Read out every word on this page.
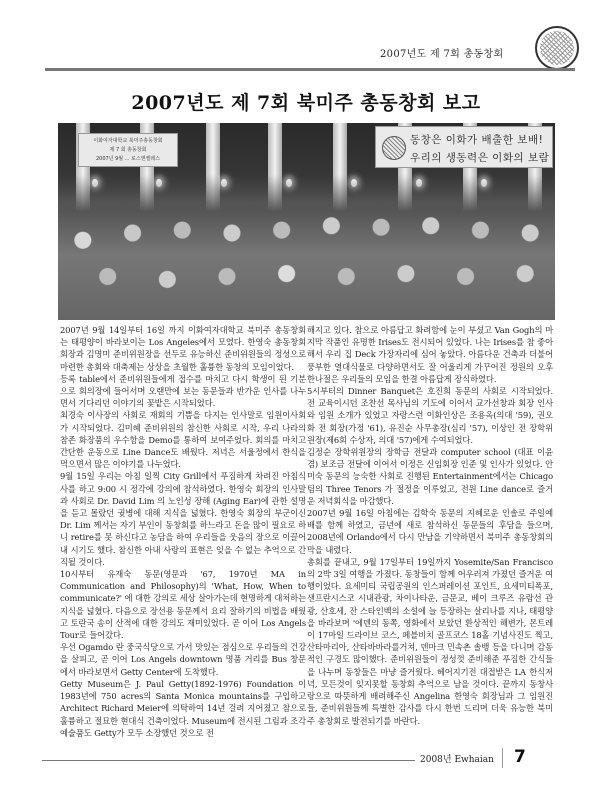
2007년도 제 7회 총동창회
2007년도 제 7회 북미주 총동창회 보고
이화여자대학교 북미주총동창회
제 7 회 총동창회
2007년 9월 ... 로스앤젤레스
동창은 이화가 배출한 보배!
우리의 생동력은 이화의 보람

2007년 9월 14일부터 16일 까지 이화여자대학교 북미주 총동창회는 태평양이 바라보이는 Los Angeles에서 모였다. 한영숙 총동창회 회장과 김명미 준비위원장을 선두로 유능하신 준비위원들의 정성으로 마련한 총회와 대축제는 상상을 초월한 훌륭한 동창의 모임이었다.

등록 table에서 준비위원들에게 접수를 마치고 다시 학생이 된 기분으로 회의장에 들어서며 오랜만에 보는 동문들과 반가운 인사를 나누면서 기다리던 이야기의 꽃밭은 시작되었다.

최경숙 이사장의 사회로 재회의 기쁨을 다지는 인사말로 임원이사회가 시작되었다. 김미혜 준비위원의 참신한 사회로 시작, 우리 나라의 참존 화장품의 우수함을 Demo를 통하여 보여주었다. 회의를 마치고 간단한 운동으로 Line Dance도 배웠다. 저녁은 서울정에서 한식을 먹으면서 많은 이야기를 나누었다.

9월 15일 우리는 아침 일찍 City Grill에서 푸짐하게 차려진 아침식사를 하고 9:00 시 정각에 강의에 참석하였다. 한영숙 회장의 인사말과 사회로 Dr. David Lim 의 노인성 장해 (Aging Ear)에 관한 설명을 듣고 몰랐던 귓병에 대해 지식을 넓혔다. 한영숙 회장의 부군이신 Dr. Lim 께서는 자기 부인이 동창회를 하느라고 돈을 많이 필요로 하니 retire를 못 하신다고 농담을 하여 우리들을 웃음의 장으로 이끌어내 시기도 했다. 참신한 아내 사랑의 표현은 잊을 수 없는 추억으로 간직될 것이다.

10시부터 유재숙 동문(영문과 '67, 1970년 MA in Communication and Philosophy)의 'What, How, When to communicate?' 에 대한 강의로 세상 살아가는데 현명하게 대처하는 지식을 넓혔다. 다음으로 장선용 동문께서 요리 잘하기의 비법을 배웠고 토란국 송이 산적에 대한 강의도 재미있었다. 곧 이어 Los Angels Tour로 들어갔다.

우선 Ogamdo 란 중국식당으로 가서 맛있는 점심으로 우리들의 건강을 살피고, 곧 이어 Los Angels downtown 명품 거리를 Bus 창문에서 바라보면서 Getty Center에 도착했다.

Getty Museum은 J. Paul Getty(1892-1976) Foundation 이 1983년에 750 acres의 Santa Monica mountains를 구입하고 Architect Richard Meier에 의탁하여 14년 걸려 지어졌고 참으로 훌륭하고 절묘한 현대식 건축이었다. Museum에 전시된 그림과 조각 예술품도 Getty가 모두 소장했던 것으로 전

해지고 있다. 참으로 아름답고 화려함에 눈이 부셨고 Van Gogh의 마지막 작품인 유명한 Irises도 전시되어 있었다. 나는 Irises를 참 좋아해서 우리 집 Deck 가장자리에 심어 놓았다. 아름다운 건축과 더불어 풍부한 열대식물로 다양하면서도 잘 어울리게 가꾸어진 정원의 오후 한나절은 우리들의 모임을 한결 아름답게 장식하였다.

5시부터의 Dinner Banquet은 호진희 동문의 사회로 시작되었다. 전 교육이시던 조찬선 목사님의 기도에 이어서 교가선창과 회장 인사와 임원 소개가 있었고 자랑스런 이화인상은 조용옥(의대 '59), 권오화 전 회장(가정 '61), 유진순 사무총장(심리 '57), 이상인 전 장학위원장(제6회 수상자, 의대 '57)에게 수여되었다.

김정순 장학위원장의 장학금 전달과 computer school (대표 이윤겸) 보조금 전달에 이어서 이정은 신임회장 인준 및 인사가 있었다. 안미숙 동문의 능숙한 사회로 진행된 Entertainment에서는 Chicago 팀의 Three Tenors 가 절정을 이루었고, 전원 Line dance로 즐거운 저녁회식을 마감했다.

2007년 9월 16일 아침에는 김학숙 동문의 지혜로운 인솔로 주일예배를 함께 하였고, 금년에 새로 참석하신 동문들의 후담을 들으며, 2008년에 Orlando에서 다시 만남을 기약하면서 북미주 총동창회의 막을 내렸다.

총회를 끝내고, 9월 17일부터 19일까지 Yosemite/San Francisco의 2박 3일 여행을 가졌다. 동창들이 함께 어우러져 가졌던 즐거운 여행이었다. 요세미티 국립공원의 인스퍼레이션 포인트, 요세미티폭포, 샌프란시스코 시내관광, 차이나타운, 금문교, 베이 크루즈 유람선 관광, 산호세, 잔 스타인벡의 소설에 늘 등장하는 살리나를 지나, 태평양을 바라보며 '에덴의 동쪽, 영화에서 보았던 환상적인 해변가, 몬트레이 17마일 드라이브 코스, 페블비치 골프코스 18홀 기념사진도 찍고, 산타마리아, 산타바바라를거쳐, 덴마크 민속촌 솔뱅 등을 다니며 감동적인 구경도 많이했다. 준비위원들이 정성껏 준비해준 푸짐한 간식들을 나누며 동창들은 마냥 즐거웠다. 헤어지기전 대접받은 LA 한식저녁, 모든것이 잊지못할 동창회 추억으로 남을 것이다. 끝까지 동창사랑으로 따뜻하게 배려해주신 Angelina 한영숙 회장님과 그 임원진들, 준비위원들께 특별한 감사를 다시 한번 드리며 더욱 유능한 북미주 총창회로 발전되기를 바란다.

2008년 Ewhaian 7
